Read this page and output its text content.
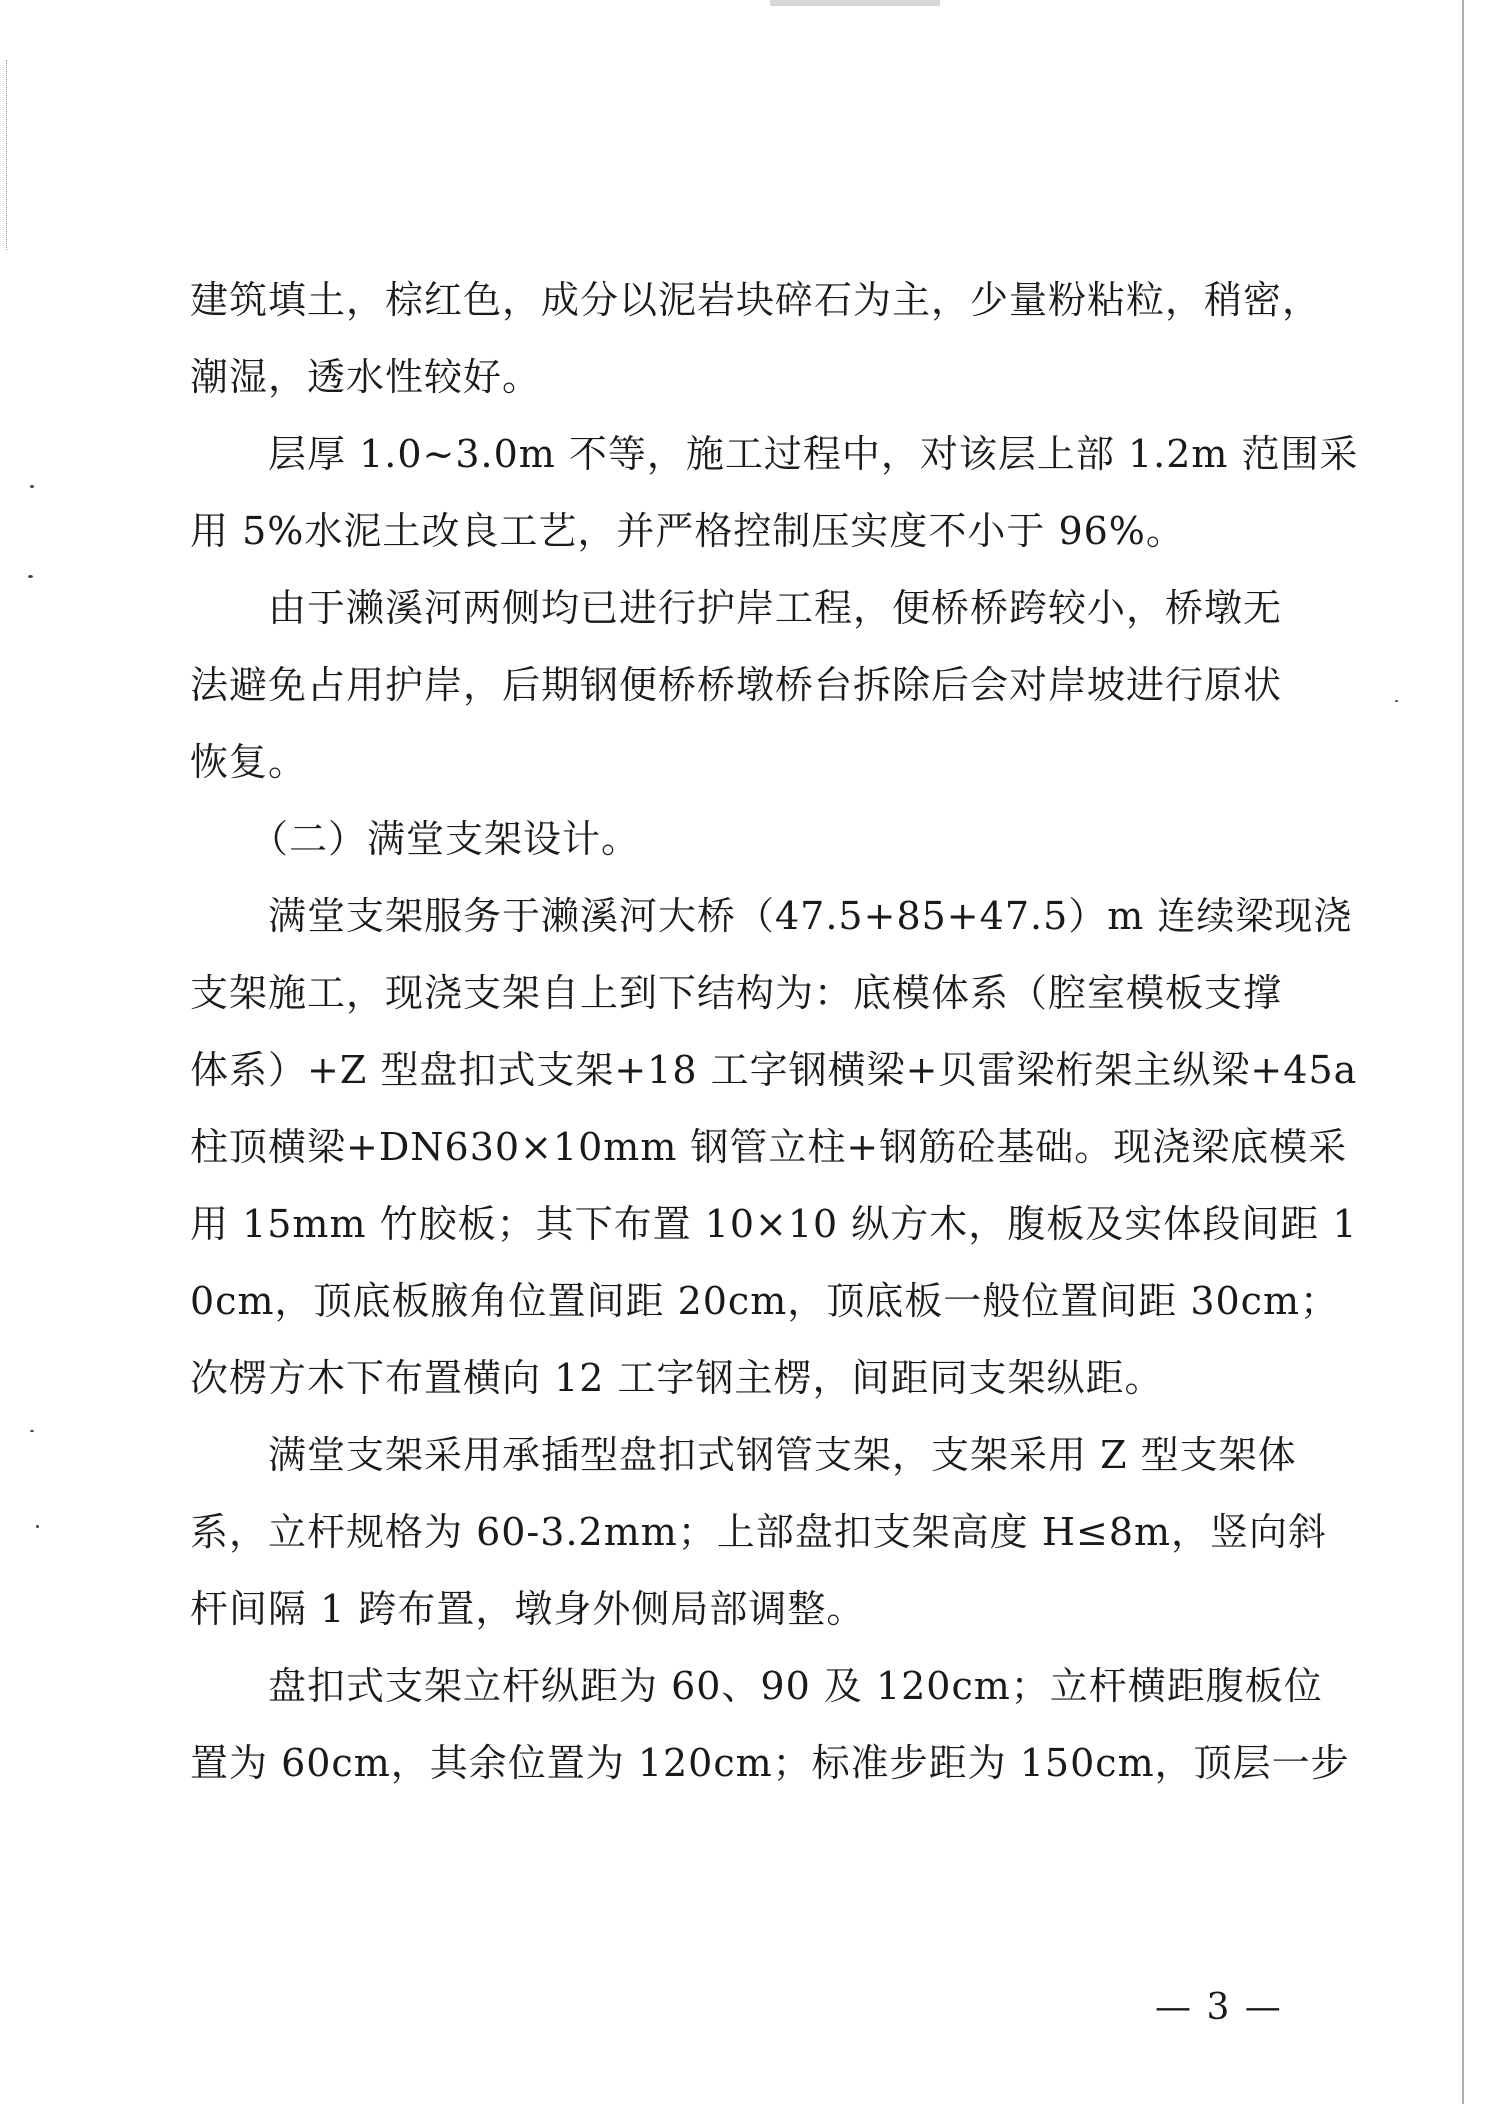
建筑填土，棕红色，成分以泥岩块碎石为主，少量粉粘粒，稍密，
潮湿，透水性较好。
层厚 1.0~3.0m 不等，施工过程中，对该层上部 1.2m 范围采
用 5%水泥土改良工艺，并严格控制压实度不小于 96%。
由于濑溪河两侧均已进行护岸工程，便桥桥跨较小，桥墩无
法避免占用护岸，后期钢便桥桥墩桥台拆除后会对岸坡进行原状
恢复。
（二）满堂支架设计。
满堂支架服务于濑溪河大桥（47.5+85+47.5）m 连续梁现浇
支架施工，现浇支架自上到下结构为：底模体系（腔室模板支撑
体系）+Z 型盘扣式支架+18 工字钢横梁+贝雷梁桁架主纵梁+45a
柱顶横梁+DN630×10mm 钢管立柱+钢筋砼基础。现浇梁底模采
用 15mm 竹胶板；其下布置 10×10 纵方木，腹板及实体段间距 1
0cm，顶底板腋角位置间距 20cm，顶底板一般位置间距 30cm；
次楞方木下布置横向 12 工字钢主楞，间距同支架纵距。
满堂支架采用承插型盘扣式钢管支架，支架采用 Z 型支架体
系，立杆规格为 60-3.2mm；上部盘扣支架高度 H≤8m，竖向斜
杆间隔 1 跨布置，墩身外侧局部调整。
盘扣式支架立杆纵距为 60、90 及 120cm；立杆横距腹板位
置为 60cm，其余位置为 120cm；标准步距为 150cm，顶层一步
— 3 —
